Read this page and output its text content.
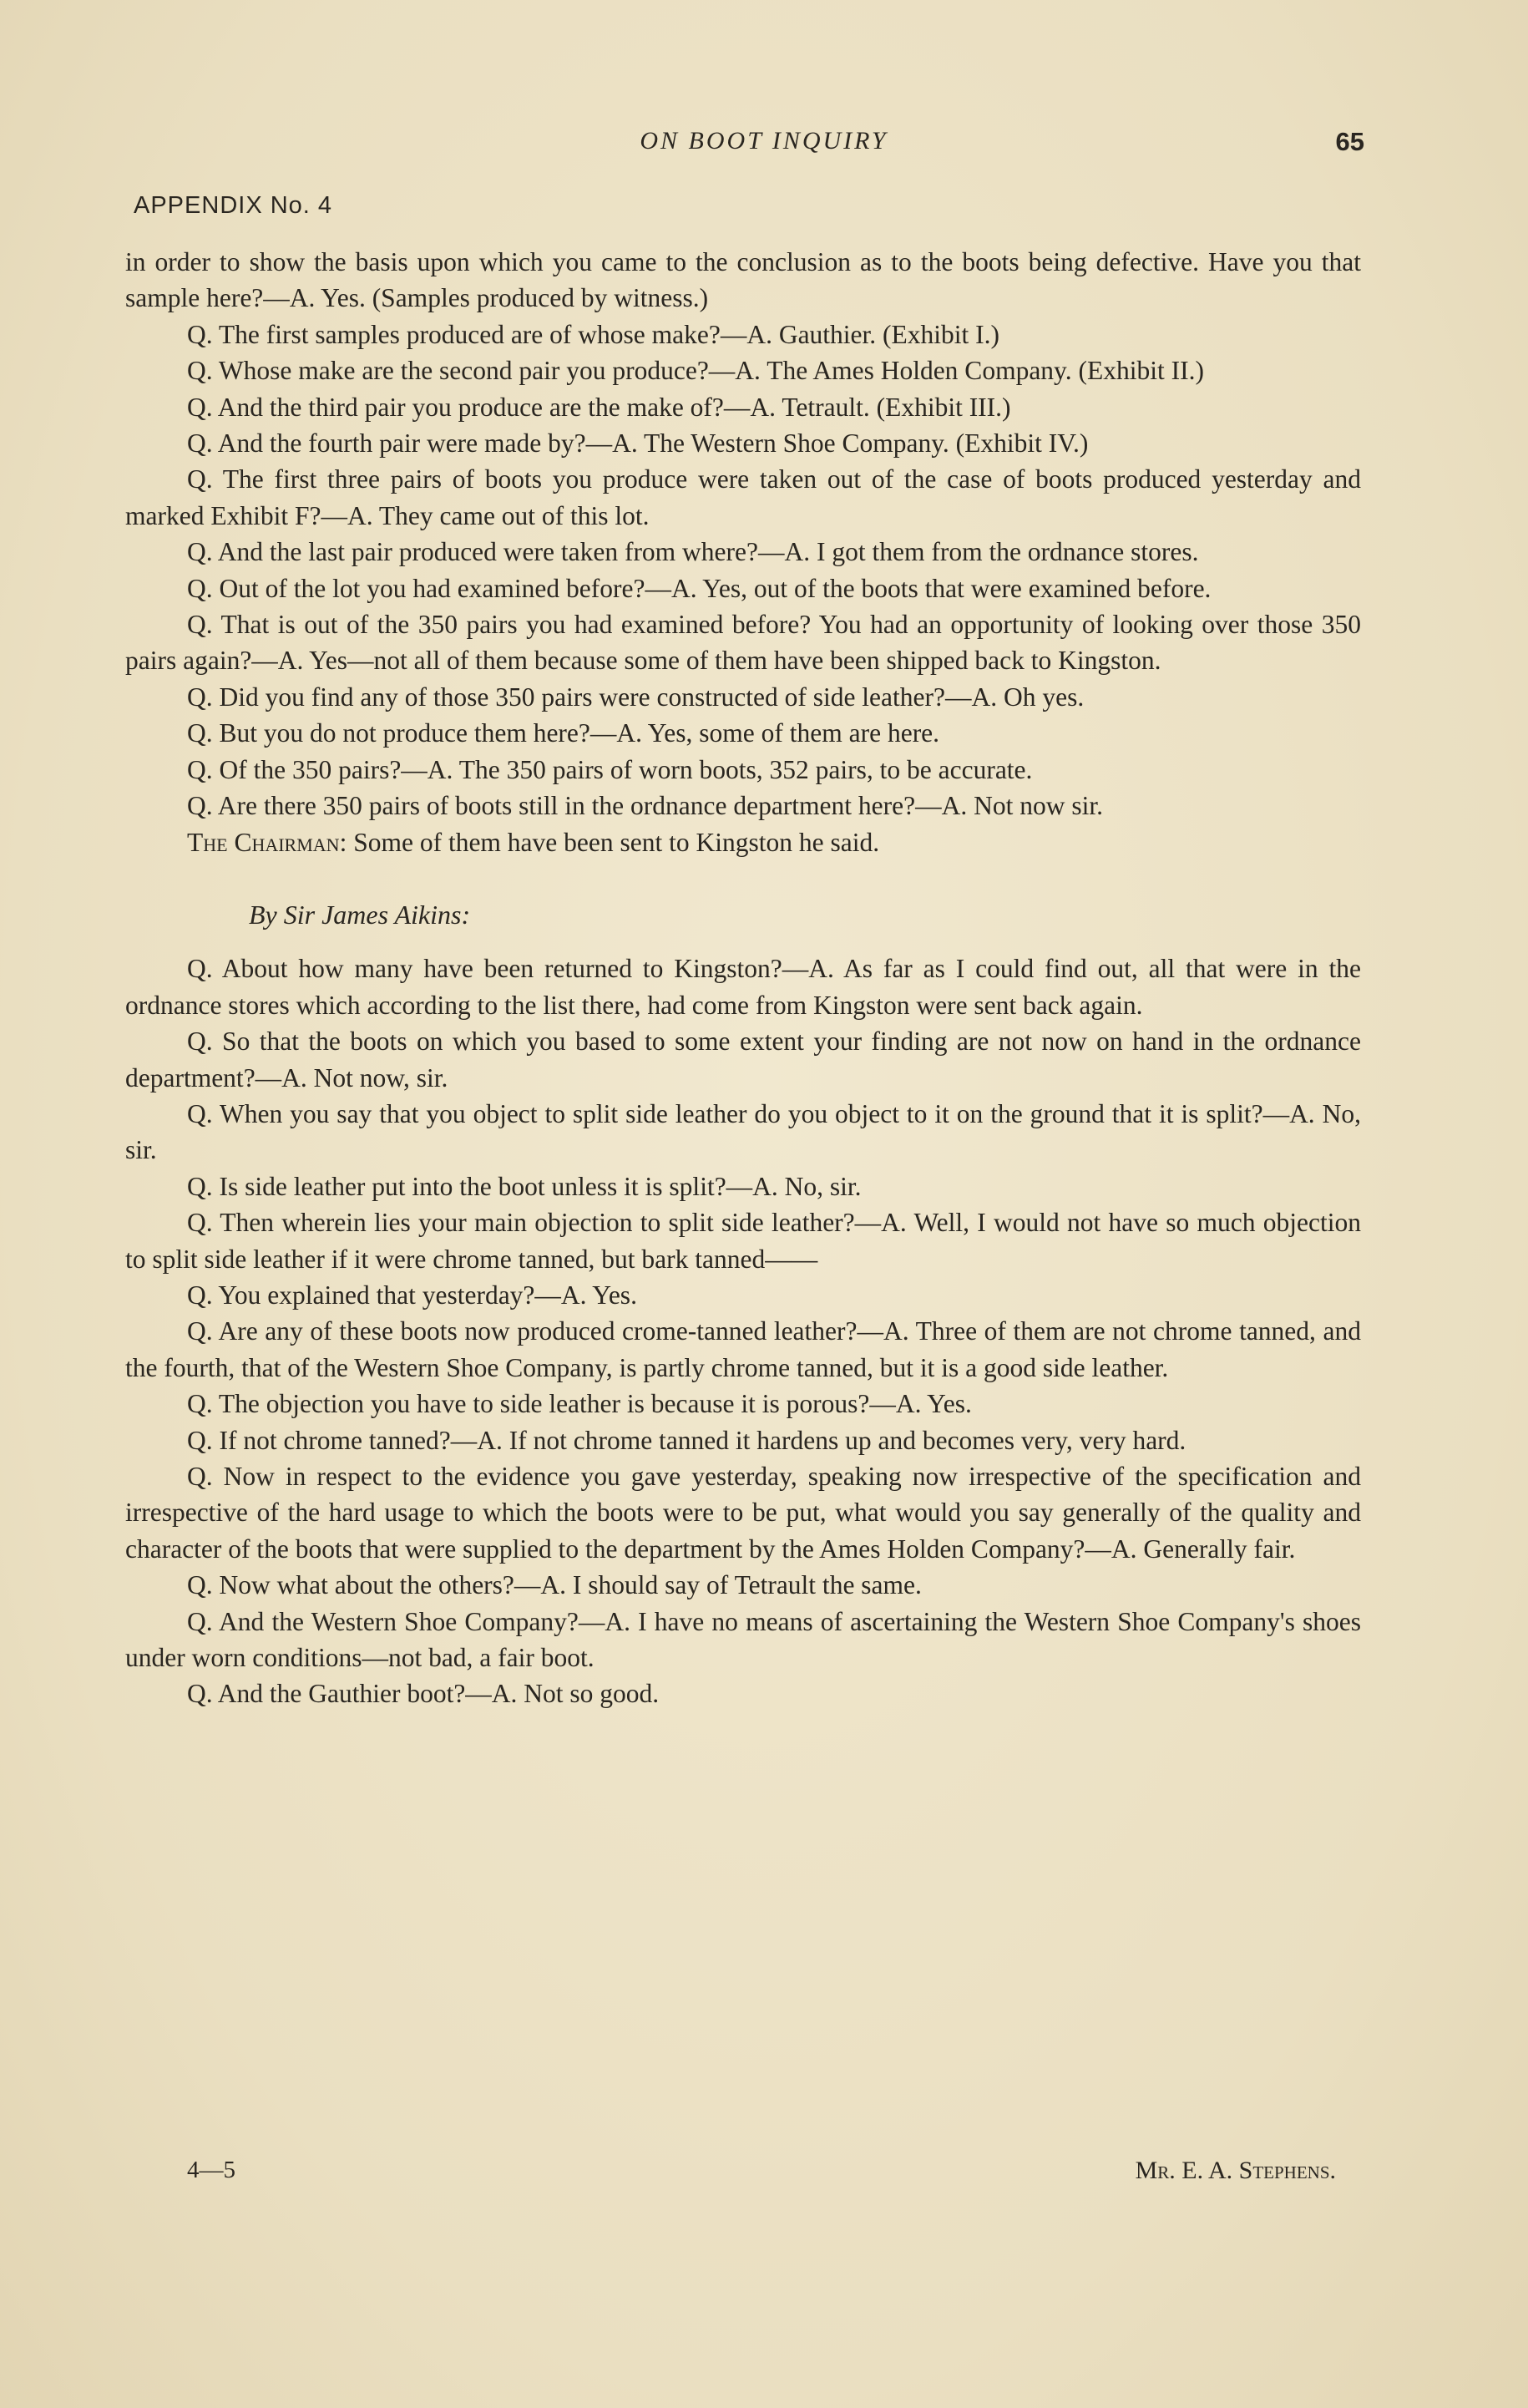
ON BOOT INQUIRY	65
APPENDIX No. 4

in order to show the basis upon which you came to the conclusion as to the boots being defective. Have you that sample here?—A. Yes. (Samples produced by witness.)

Q. The first samples produced are of whose make?—A. Gauthier. (Exhibit I.)

Q. Whose make are the second pair you produce?—A. The Ames Holden Company. (Exhibit II.)

Q. And the third pair you produce are the make of?—A. Tetrault. (Exhibit III.)

Q. And the fourth pair were made by?—A. The Western Shoe Company. (Exhibit IV.)

Q. The first three pairs of boots you produce were taken out of the case of boots produced yesterday and marked Exhibit F?—A. They came out of this lot.

Q. And the last pair produced were taken from where?—A. I got them from the ordnance stores.

Q. Out of the lot you had examined before?—A. Yes, out of the boots that were examined before.

Q. That is out of the 350 pairs you had examined before? You had an opportunity of looking over those 350 pairs again?—A. Yes—not all of them because some of them have been shipped back to Kingston.

Q. Did you find any of those 350 pairs were constructed of side leather?—A. Oh yes.

Q. But you do not produce them here?—A. Yes, some of them are here.

Q. Of the 350 pairs?—A. The 350 pairs of worn boots, 352 pairs, to be accurate.

Q. Are there 350 pairs of boots still in the ordnance department here?—A. Not now sir.

The Chairman: Some of them have been sent to Kingston he said.

By Sir James Aikins:

Q. About how many have been returned to Kingston?—A. As far as I could find out, all that were in the ordnance stores which according to the list there, had come from Kingston were sent back again.

Q. So that the boots on which you based to some extent your finding are not now on hand in the ordnance department?—A. Not now, sir.

Q. When you say that you object to split side leather do you object to it on the ground that it is split?—A. No, sir.

Q. Is side leather put into the boot unless it is split?—A. No, sir.

Q. Then wherein lies your main objection to split side leather?—A. Well, I would not have so much objection to split side leather if it were chrome tanned, but bark tanned——

Q. You explained that yesterday?—A. Yes.

Q. Are any of these boots now produced crome-tanned leather?—A. Three of them are not chrome tanned, and the fourth, that of the Western Shoe Company, is partly chrome tanned, but it is a good side leather.

Q. The objection you have to side leather is because it is porous?—A. Yes.

Q. If not chrome tanned?—A. If not chrome tanned it hardens up and becomes very, very hard.

Q. Now in respect to the evidence you gave yesterday, speaking now irrespective of the specification and irrespective of the hard usage to which the boots were to be put, what would you say generally of the quality and character of the boots that were supplied to the department by the Ames Holden Company?—A. Generally fair.

Q. Now what about the others?—A. I should say of Tetrault the same.

Q. And the Western Shoe Company?—A. I have no means of ascertaining the Western Shoe Company's shoes under worn conditions—not bad, a fair boot.

Q. And the Gauthier boot?—A. Not so good.

4—5	Mr. E. A. Stephens.
